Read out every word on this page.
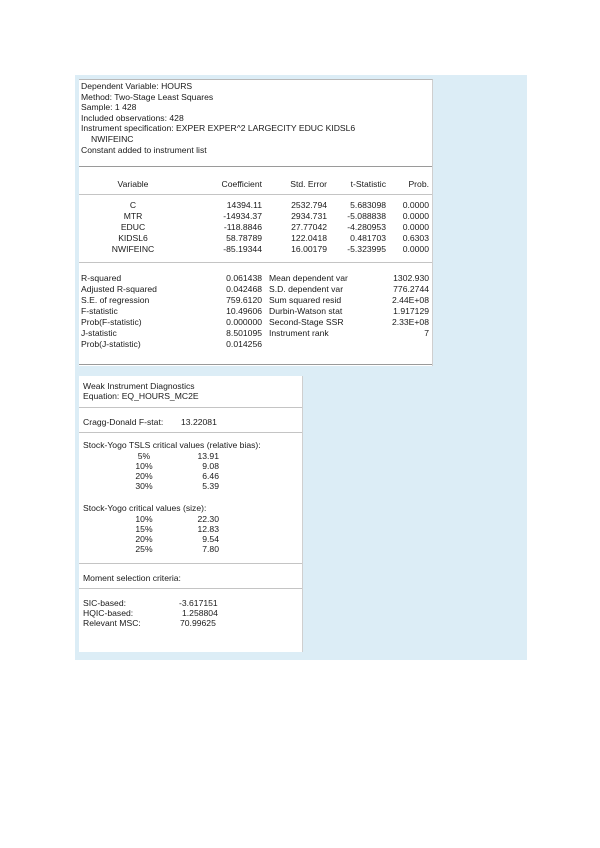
Dependent Variable: HOURS
Method: Two-Stage Least Squares
Sample: 1 428
Included observations: 428
Instrument specification: EXPER EXPER^2 LARGECITY EDUC KIDSL6
NWIFEINC
Constant added to instrument list
Variable	Coefficient	Std. Error	t-Statistic	Prob.
C	14394.11	2532.794	5.683098	0.0000
MTR	-14934.37	2934.731	-5.088838	0.0000
EDUC	-118.8846	27.77042	-4.280953	0.0000
KIDSL6	58.78789	122.0418	0.481703	0.6303
NWIFEINC	-85.19344	16.00179	-5.323995	0.0000
R-squared	0.061438 Mean dependent var	1302.930
Adjusted R-squared	0.042468 S.D. dependent var	776.2744
S.E. of regression	759.6120 Sum squared resid	2.44E+08
F-statistic	10.49606 Durbin-Watson stat	1.917129
Prob(F-statistic)	0.000000 Second-Stage SSR	2.33E+08
J-statistic	8.501095 Instrument rank	7
Prob(J-statistic)	0.014256
Weak Instrument Diagnostics
Equation: EQ_HOURS_MC2E
Cragg-Donald F-stat: 13.22081
Stock-Yogo TSLS critical values (relative bias):
5%	13.91
10%	9.08
20%	6.46
30%	5.39
Stock-Yogo critical values (size):
10%	22.30
15%	12.83
20%	9.54
25%	7.80
Moment selection criteria:
SIC-based:	-3.617151
HQIC-based:	1.258804
Relevant MSC:	70.99625
